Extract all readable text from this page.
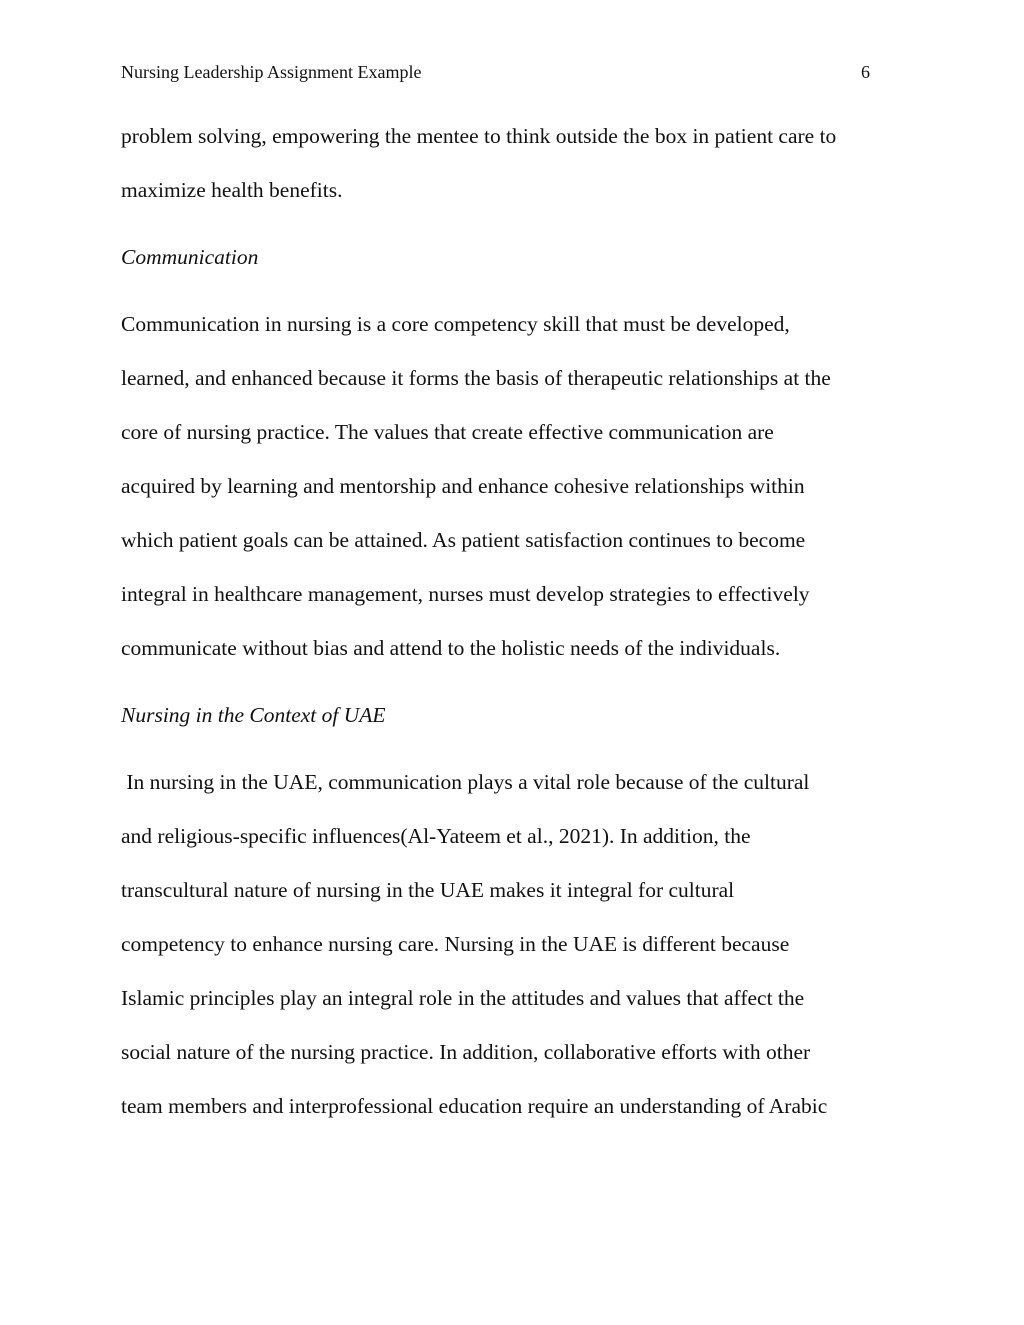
Nursing Leadership Assignment Example	6
problem solving, empowering the mentee to think outside the box in patient care to
maximize health benefits.
Communication
Communication in nursing is a core competency skill that must be developed,
learned, and enhanced because it forms the basis of therapeutic relationships at the
core of nursing practice. The values that create effective communication are
acquired by learning and mentorship and enhance cohesive relationships within
which patient goals can be attained. As patient satisfaction continues to become
integral in healthcare management, nurses must develop strategies to effectively
communicate without bias and attend to the holistic needs of the individuals.
Nursing in the Context of UAE
In nursing in the UAE, communication plays a vital role because of the cultural
and religious-specific influences(Al-Yateem et al., 2021). In addition, the
transcultural nature of nursing in the UAE makes it integral for cultural
competency to enhance nursing care. Nursing in the UAE is different because
Islamic principles play an integral role in the attitudes and values that affect the
social nature of the nursing practice. In addition, collaborative efforts with other
team members and interprofessional education require an understanding of Arabic
